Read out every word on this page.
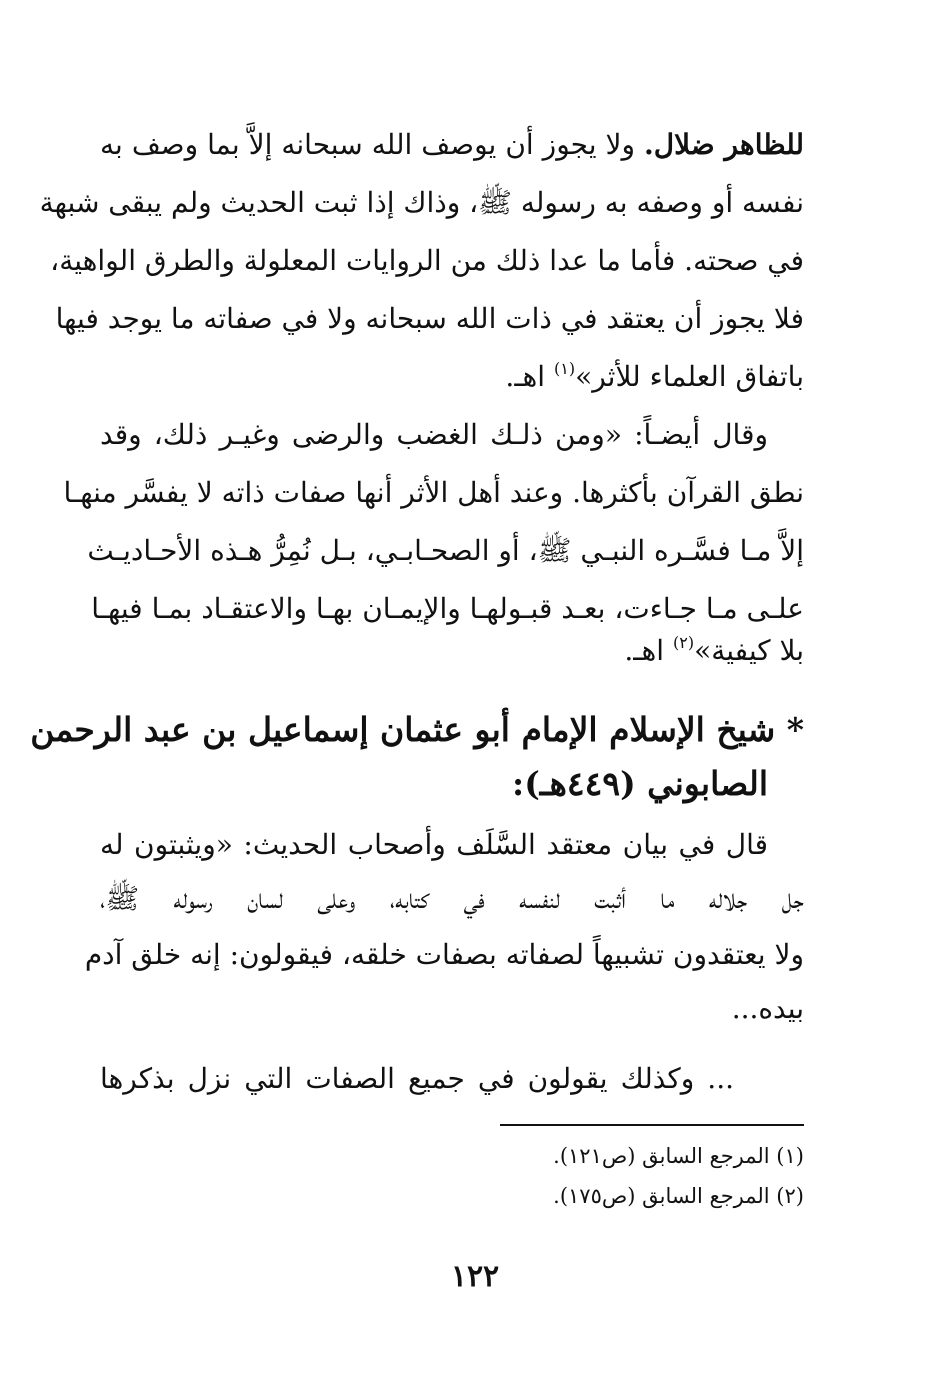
للظاهر ضلال. ولا يجوز أن يوصف الله سبحانه إلاَّ بما وصف به
نفسه أو وصفه به رسوله ﷺ، وذاك إذا ثبت الحديث ولم يبقى شبهة
في صحته. فأما ما عدا ذلك من الروايات المعلولة والطرق الواهية،
فلا يجوز أن يعتقد في ذات الله سبحانه ولا في صفاته ما يوجد فيها
باتفاق العلماء للأثر»$^{(١)}$ اهـ.
وقال أيضـاً: «ومن ذلـك الغضب والرضى وغيـر ذلك، وقد
نطق القرآن بأكثرها. وعند أهل الأثر أنها صفات ذاته لا يفسَّر منهـا
إلاَّ مـا فسَّـره النبـي ﷺ، أو الصحـابـي، بـل نُمِرُّ هـذه الأحـاديـث
علـى مـا جـاءت، بعـد قبـولهـا والإيمـان بهـا والاعتقـاد بمـا فيهـا
بلا كيفية»$^{(٢)}$ اهـ.
* شيخ الإسلام الإمام أبو عثمان إسماعيل بن عبد الرحمن
الصابوني (٤٤٩هـ):
قال في بيان معتقد السَّلَف وأصحاب الحديث: «ويثبتون له
جل جلاله ما أثبت لنفسه في كتابه، وعلى لسان رسوله ﷺ،
ولا يعتقدون تشبيهاً لصفاته بصفات خلقه، فيقولون: إنه خلق آدم
بيده...
... وكذلك يقولون في جميع الصفات التي نزل بذكرها
(١) المرجع السابق (ص١٢١).
(٢) المرجع السابق (ص١٧٥).
١٢٢
